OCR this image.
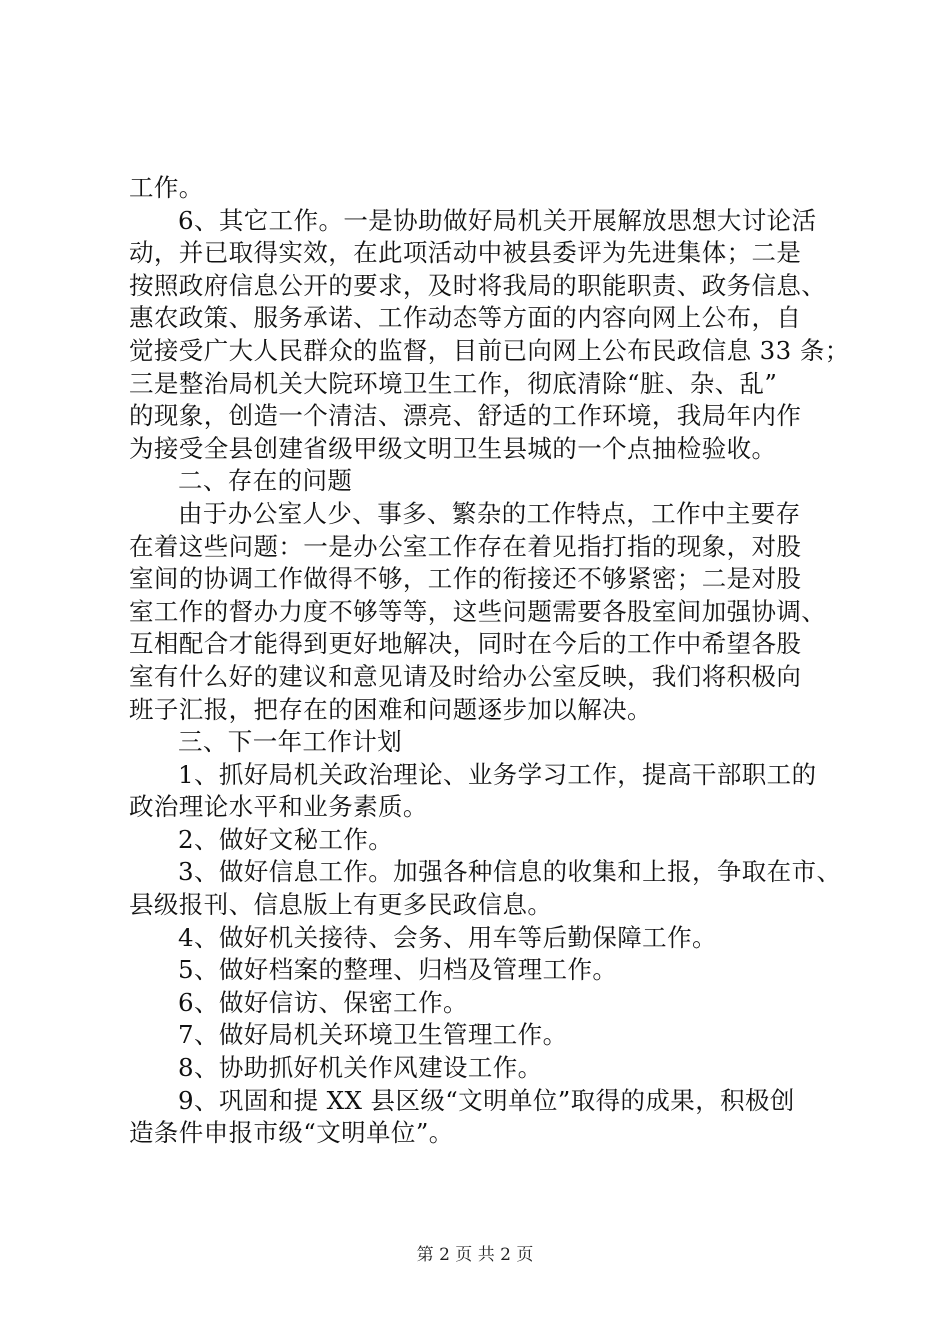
工作。
6、其它工作。一是协助做好局机关开展解放思想大讨论活
动，并已取得实效，在此项活动中被县委评为先进集体；二是
按照政府信息公开的要求，及时将我局的职能职责、政务信息、
惠农政策、服务承诺、工作动态等方面的内容向网上公布，自
觉接受广大人民群众的监督，目前已向网上公布民政信息 33 条；
三是整治局机关大院环境卫生工作，彻底清除“脏、杂、乱”
的现象，创造一个清洁、漂亮、舒适的工作环境，我局年内作
为接受全县创建省级甲级文明卫生县城的一个点抽检验收。
二、存在的问题
由于办公室人少、事多、繁杂的工作特点，工作中主要存
在着这些问题：一是办公室工作存在着见指打指的现象，对股
室间的协调工作做得不够，工作的衔接还不够紧密；二是对股
室工作的督办力度不够等等，这些问题需要各股室间加强协调、
互相配合才能得到更好地解决，同时在今后的工作中希望各股
室有什么好的建议和意见请及时给办公室反映，我们将积极向
班子汇报，把存在的困难和问题逐步加以解决。
三、下一年工作计划
1、抓好局机关政治理论、业务学习工作，提高干部职工的
政治理论水平和业务素质。
2、做好文秘工作。
3、做好信息工作。加强各种信息的收集和上报，争取在市、
县级报刊、信息版上有更多民政信息。
4、做好机关接待、会务、用车等后勤保障工作。
5、做好档案的整理、归档及管理工作。
6、做好信访、保密工作。
7、做好局机关环境卫生管理工作。
8、协助抓好机关作风建设工作。
9、巩固和提 XX 县区级“文明单位”取得的成果，积极创
造条件申报市级“文明单位”。
第 2 页 共 2 页
